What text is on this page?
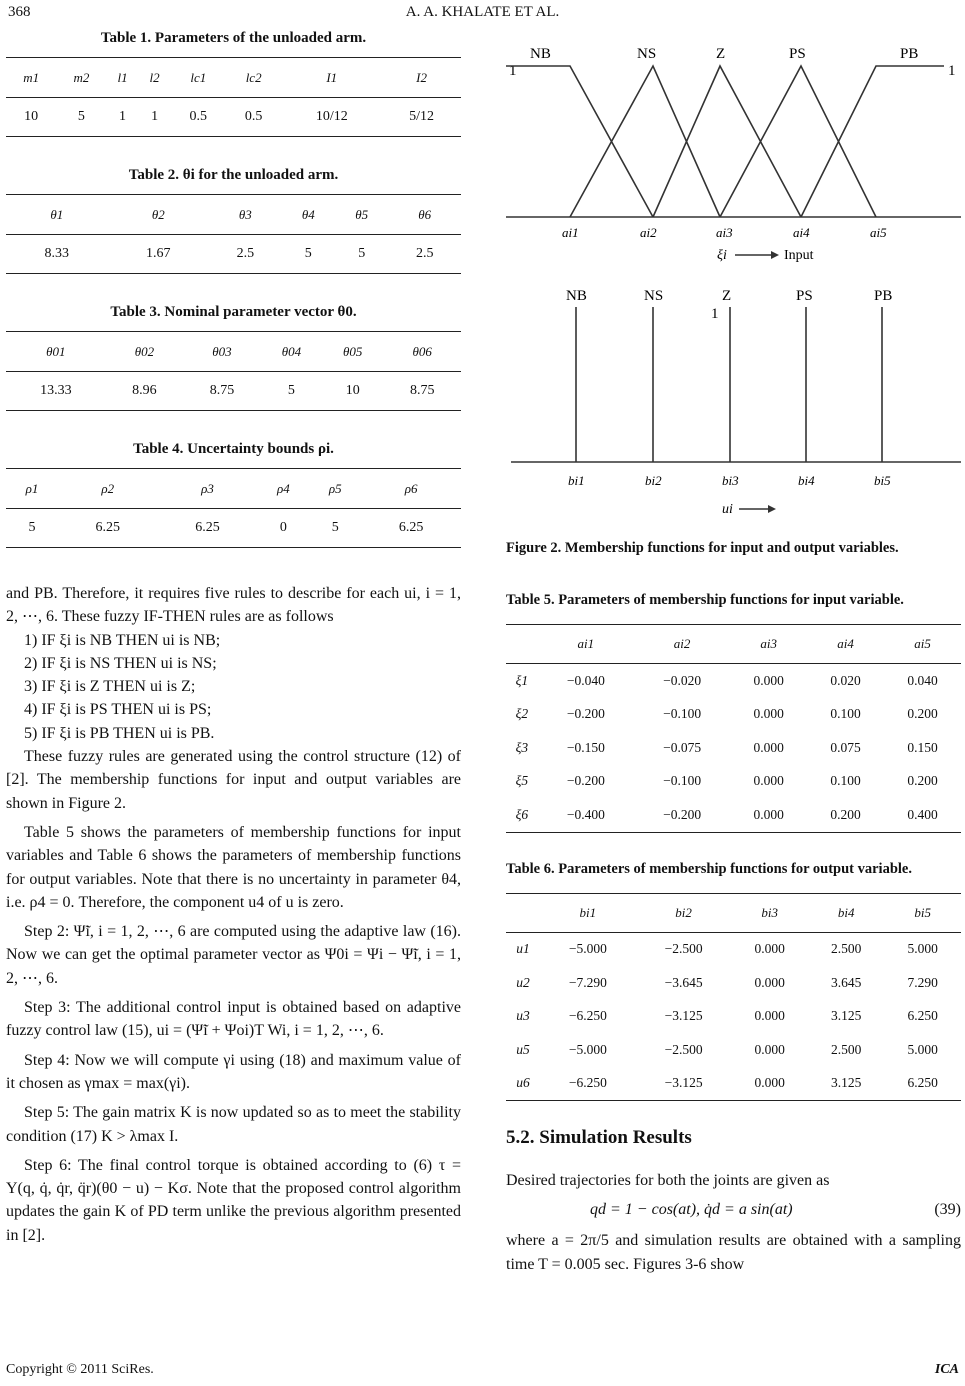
368	A. A. KHALATE ET AL.
Table 1. Parameters of the unloaded arm.
m1	m2	l1	l2	lc1	lc2	I1	I2
10	5	1	1	0.5	0.5	10/12	5/12
Table 2. θi for the unloaded arm.
θ1	θ2	θ3	θ4	θ5	θ6
8.33	1.67	2.5	5	5	2.5
Table 3. Nominal parameter vector θ0.
θ01	θ02	θ03	θ04	θ05	θ06
13.33	8.96	8.75	5	10	8.75
Table 4. Uncertainty bounds ρi.
ρ1	ρ2	ρ3	ρ4	ρ5	ρ6
5	6.25	6.25	0	5	6.25

and PB. Therefore, it requires five rules to describe for each ui, i = 1, 2, ⋯, 6. These fuzzy IF-THEN rules are as follows

1) IF ξi is NB THEN ui is NB;
2) IF ξi is NS THEN ui is NS;
3) IF ξi is Z THEN ui is Z;
4) IF ξi is PS THEN ui is PS;
5) IF ξi is PB THEN ui is PB.

These fuzzy rules are generated using the control structure (12) of [2]. The membership functions for input and output variables are shown in Figure 2.

Table 5 shows the parameters of membership functions for input variables and Table 6 shows the parameters of membership functions for output variables. Note that there is no uncertainty in parameter θ4, i.e. ρ4 = 0. Therefore, the component u4 of u is zero.

Step 2: Ψ̃i, i = 1, 2, ⋯, 6 are computed using the adaptive law (16). Now we can get the optimal parameter vector as Ψ0i = Ψi − Ψ̃i, i = 1, 2, ⋯, 6.

Step 3: The additional control input is obtained based on adaptive fuzzy control law (15), ui = (Ψ̃i + Ψoi)T Wi, i = 1, 2, ⋯, 6.

Step 4: Now we will compute γi using (18) and maximum value of it chosen as γmax = max(γi).

Step 5: The gain matrix K is now updated so as to meet the stability condition (17) K > λmax I.

Step 6: The final control torque is obtained according to (6) τ = Y(q, q̇, q̇r, q̈r)(θ0 − u) − Kσ. Note that the proposed control algorithm updates the gain K of PD term unlike the previous algorithm presented in [2].

NB	NS	Z	PS	PB
1	1
ai1	ai2	ai3	ai4	ai5
ξi	Input
NB	NS	Z	PS	PB
1
bi1	bi2	bi3	bi4	bi5
ui

Figure 2. Membership functions for input and output variables.

Table 5. Parameters of membership functions for input variable.

	ai1	ai2	ai3	ai4	ai5
ξ1	−0.040	−0.020	0.000	0.020	0.040
ξ2	−0.200	−0.100	0.000	0.100	0.200
ξ3	−0.150	−0.075	0.000	0.075	0.150
ξ5	−0.200	−0.100	0.000	0.100	0.200
ξ6	−0.400	−0.200	0.000	0.200	0.400

Table 6. Parameters of membership functions for output variable.

	bi1	bi2	bi3	bi4	bi5
u1	−5.000	−2.500	0.000	2.500	5.000
u2	−7.290	−3.645	0.000	3.645	7.290
u3	−6.250	−3.125	0.000	3.125	6.250
u5	−5.000	−2.500	0.000	2.500	5.000
u6	−6.250	−3.125	0.000	3.125	6.250

5.2. Simulation Results

Desired trajectories for both the joints are given as

qd = 1 − cos(at), q̇d = a sin(at)	(39)

where a = 2π/5 and simulation results are obtained with a sampling time T = 0.005 sec. Figures 3-6 show

Copyright © 2011 SciRes.	ICA
